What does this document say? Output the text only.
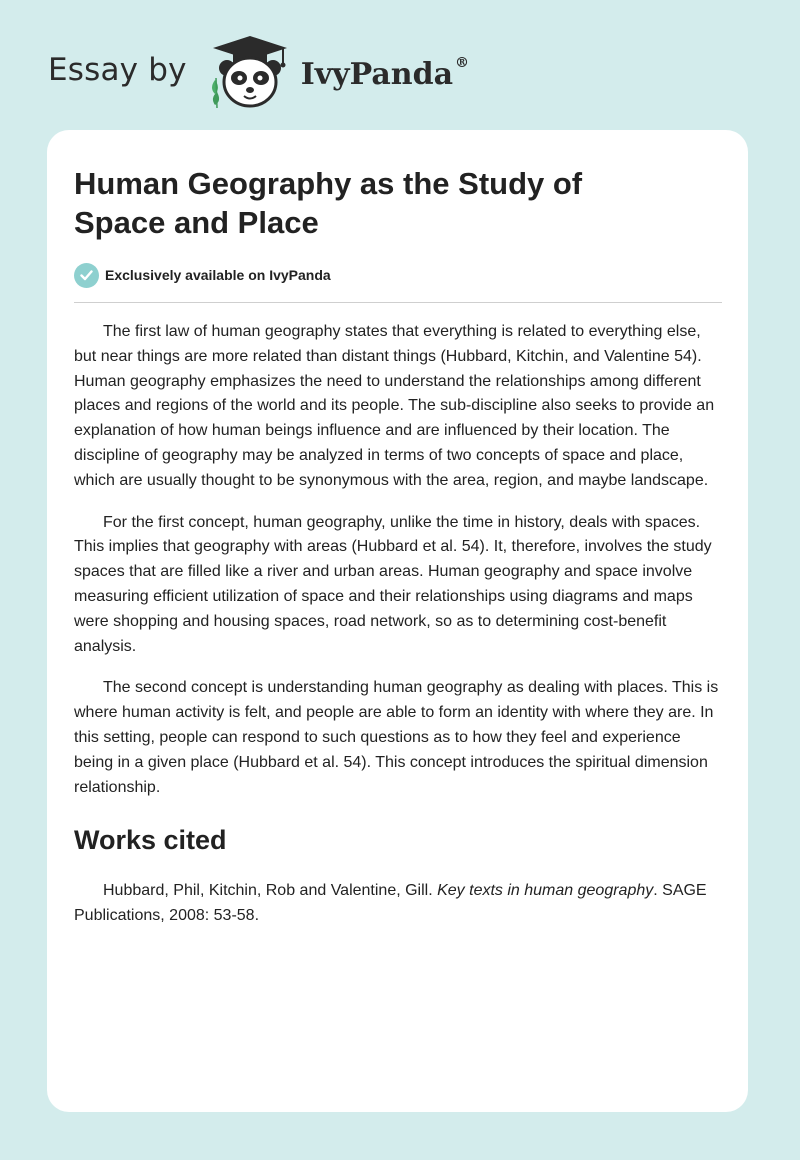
Essay by	IvyPanda ®
Human Geography as the Study of Space and Place
Exclusively available on IvyPanda

The first law of human geography states that everything is related to everything else, but near things are more related than distant things (Hubbard, Kitchin, and Valentine 54). Human geography emphasizes the need to understand the relationships among different places and regions of the world and its people. The sub-discipline also seeks to provide an explanation of how human beings influence and are influenced by their location. The discipline of geography may be analyzed in terms of two concepts of space and place, which are usually thought to be synonymous with the area, region, and maybe landscape.

For the first concept, human geography, unlike the time in history, deals with spaces. This implies that geography with areas (Hubbard et al. 54). It, therefore, involves the study spaces that are filled like a river and urban areas. Human geography and space involve measuring efficient utilization of space and their relationships using diagrams and maps were shopping and housing spaces, road network, so as to determining cost-benefit analysis.

The second concept is understanding human geography as dealing with places. This is where human activity is felt, and people are able to form an identity with where they are. In this setting, people can respond to such questions as to how they feel and experience being in a given place (Hubbard et al. 54). This concept introduces the spiritual dimension relationship.

Works cited

Hubbard, Phil, Kitchin, Rob and Valentine, Gill. Key texts in human geography. SAGE Publications, 2008: 53-58.
